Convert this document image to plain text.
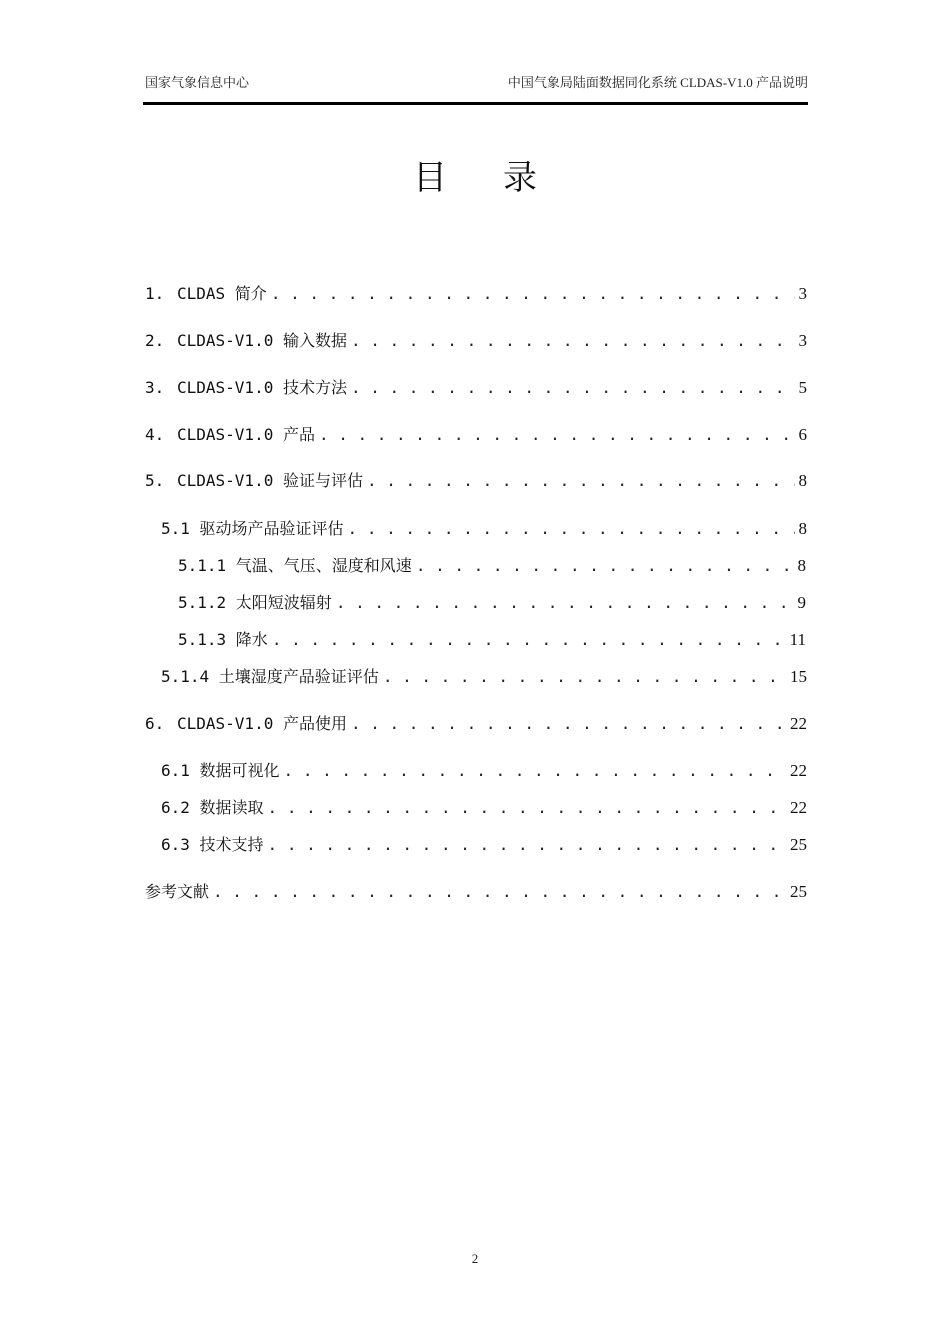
国家气象信息中心	中国气象局陆面数据同化系统 CLDAS-V1.0 产品说明
目 录
1. CLDAS 简介 . . .	3
2. CLDAS-V1.0 输入数据 . . .	3
3. CLDAS-V1.0 技术方法 . . .	5
4. CLDAS-V1.0 产品 . . .	6
5. CLDAS-V1.0 验证与评估 . . .	8
5.1 驱动场产品验证评估 . . .	8
5.1.1 气温、气压、湿度和风速 . . .	8
5.1.2 太阳短波辐射 . . .	9
5.1.3 降水 . . .	11
5.1.4 土壤湿度产品验证评估 . . .	15
6. CLDAS-V1.0 产品使用 . . .	22
6.1 数据可视化 . . .	22
6.2 数据读取 . . .	22
6.3 技术支持 . . .	25
参考文献 . . .	25
2
